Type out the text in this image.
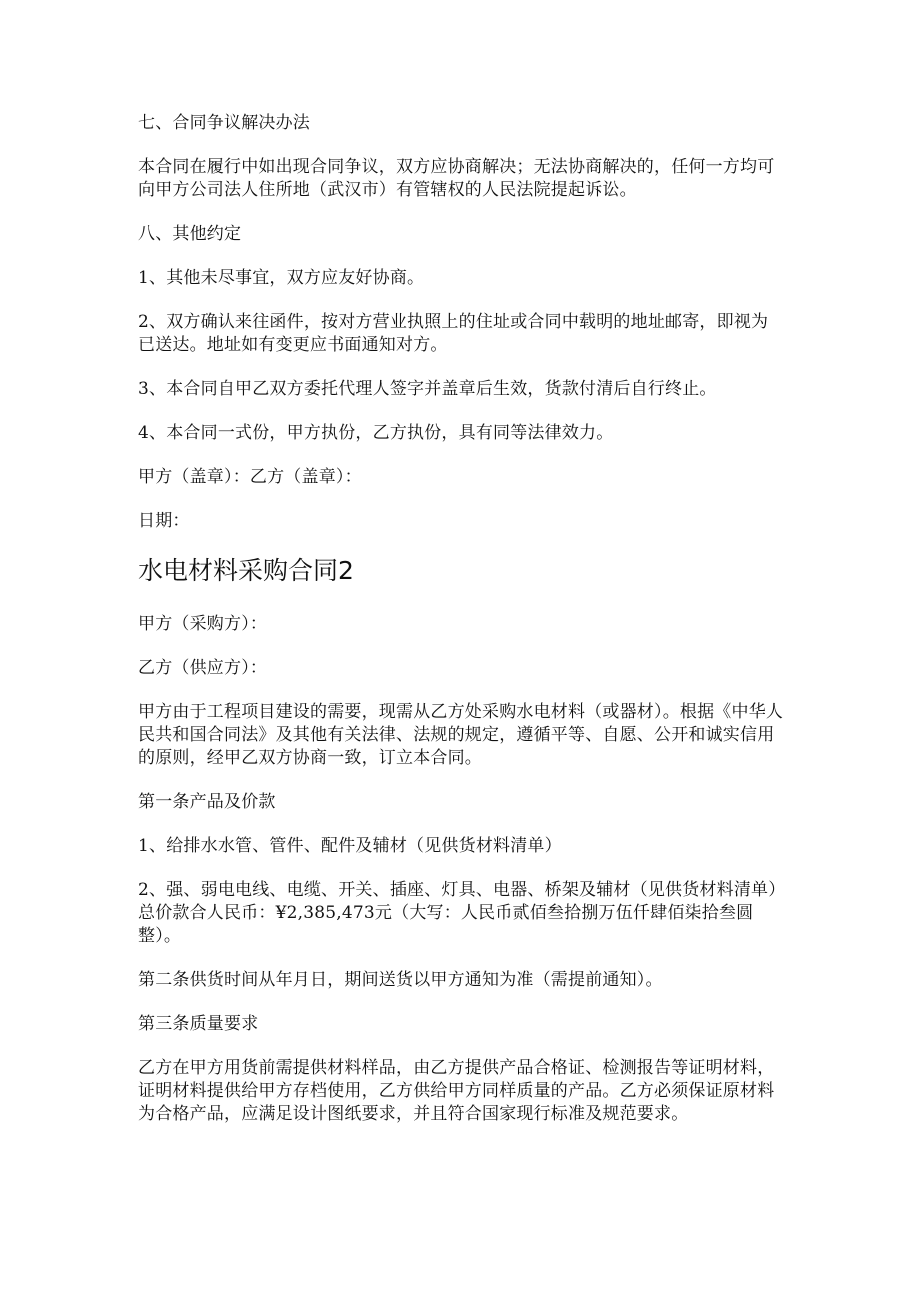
七、合同争议解决办法

本合同在履行中如出现合同争议，双方应协商解决；无法协商解决的，任何一方均可向甲方公司法人住所地（武汉市）有管辖权的人民法院提起诉讼。

八、其他约定

1、其他未尽事宜，双方应友好协商。

2、双方确认来往函件，按对方营业执照上的住址或合同中载明的地址邮寄，即视为已送达。地址如有变更应书面通知对方。

3、本合同自甲乙双方委托代理人签字并盖章后生效，货款付清后自行终止。

4、本合同一式份，甲方执份，乙方执份，具有同等法律效力。

甲方（盖章）：乙方（盖章）：

日期：

水电材料采购合同2

甲方（采购方）：

乙方（供应方）：

甲方由于工程项目建设的需要，现需从乙方处采购水电材料（或器材）。根据《中华人民共和国合同法》及其他有关法律、法规的规定，遵循平等、自愿、公开和诚实信用的原则，经甲乙双方协商一致，订立本合同。

第一条产品及价款

1、给排水水管、管件、配件及辅材（见供货材料清单）

2、强、弱电电线、电缆、开关、插座、灯具、电器、桥架及辅材（见供货材料清单）总价款合人民币：¥2,385,473元（大写：人民币贰佰叁拾捌万伍仟肆佰柒拾叁圆整）。

第二条供货时间从年月日，期间送货以甲方通知为准（需提前通知）。

第三条质量要求

乙方在甲方用货前需提供材料样品，由乙方提供产品合格证、检测报告等证明材料，证明材料提供给甲方存档使用，乙方供给甲方同样质量的产品。乙方必须保证原材料为合格产品，应满足设计图纸要求，并且符合国家现行标准及规范要求。
